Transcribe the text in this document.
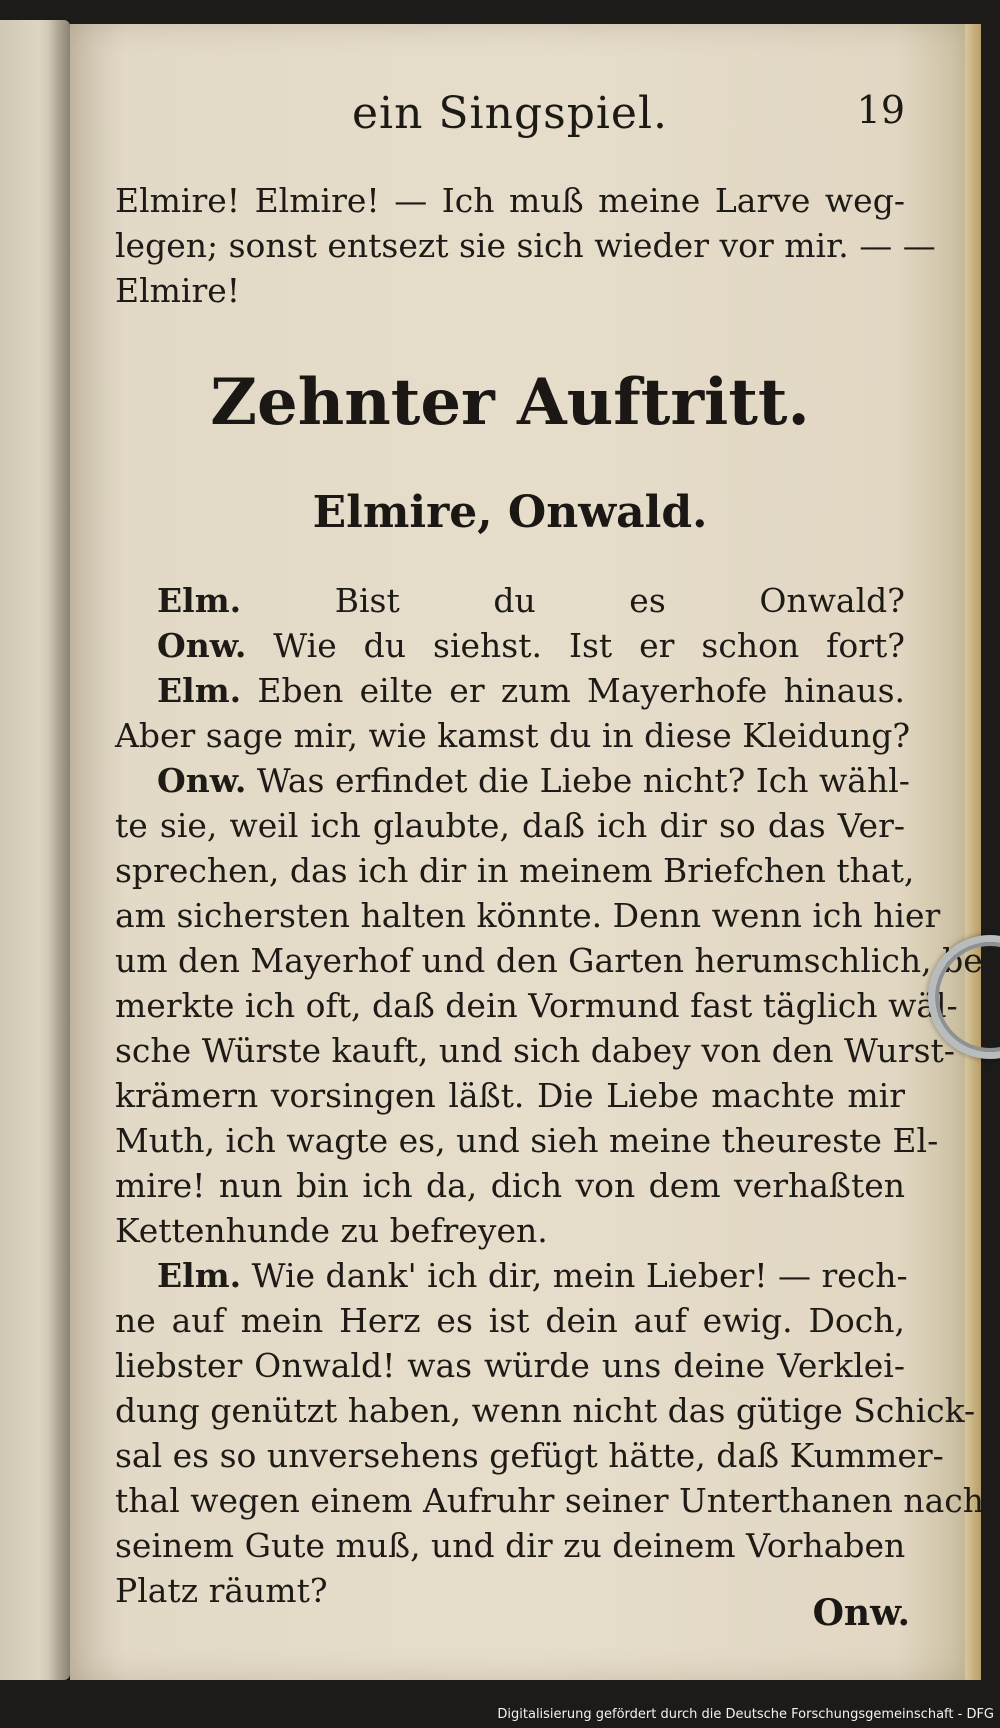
ein Singspiel.	19
Elmire! Elmire! — Ich muß meine Larve weg-
legen; sonst entsezt sie sich wieder vor mir. — —
Elmire!
Zehnter Auftritt.
Elmire, Onwald.
Elm.	Bist du es Onwald?
Onw. Wie du siehst. Ist er schon fort?
Elm. Eben eilte er zum Mayerhofe hinaus.
Aber sage mir, wie kamst du in diese Kleidung?
Onw. Was erfindet die Liebe nicht? Ich wähl-
te sie, weil ich glaubte, daß ich dir so das Ver-
sprechen, das ich dir in meinem Briefchen that,
am sichersten halten könnte. Denn wenn ich hier
um den Mayerhof und den Garten herumschlich, be-
merkte ich oft, daß dein Vormund fast täglich wäl-
sche Würste kauft, und sich dabey von den Wurst-
krämern vorsingen läßt. Die Liebe machte mir
Muth, ich wagte es, und sieh meine theureste El-
mire! nun bin ich da, dich von dem verhaßten
Kettenhunde zu befreyen.
Elm. Wie dank' ich dir, mein Lieber! — rech-
ne auf mein Herz es ist dein auf ewig. Doch,
liebster Onwald! was würde uns deine Verklei-
dung genützt haben, wenn nicht das gütige Schick-
sal es so unversehens gefügt hätte, daß Kummer-
thal wegen einem Aufruhr seiner Unterthanen nach
seinem Gute muß, und dir zu deinem Vorhaben
Platz räumt?
Onw.
Digitalisierung gefördert durch die Deutsche Forschungsgemeinschaft - DFG
